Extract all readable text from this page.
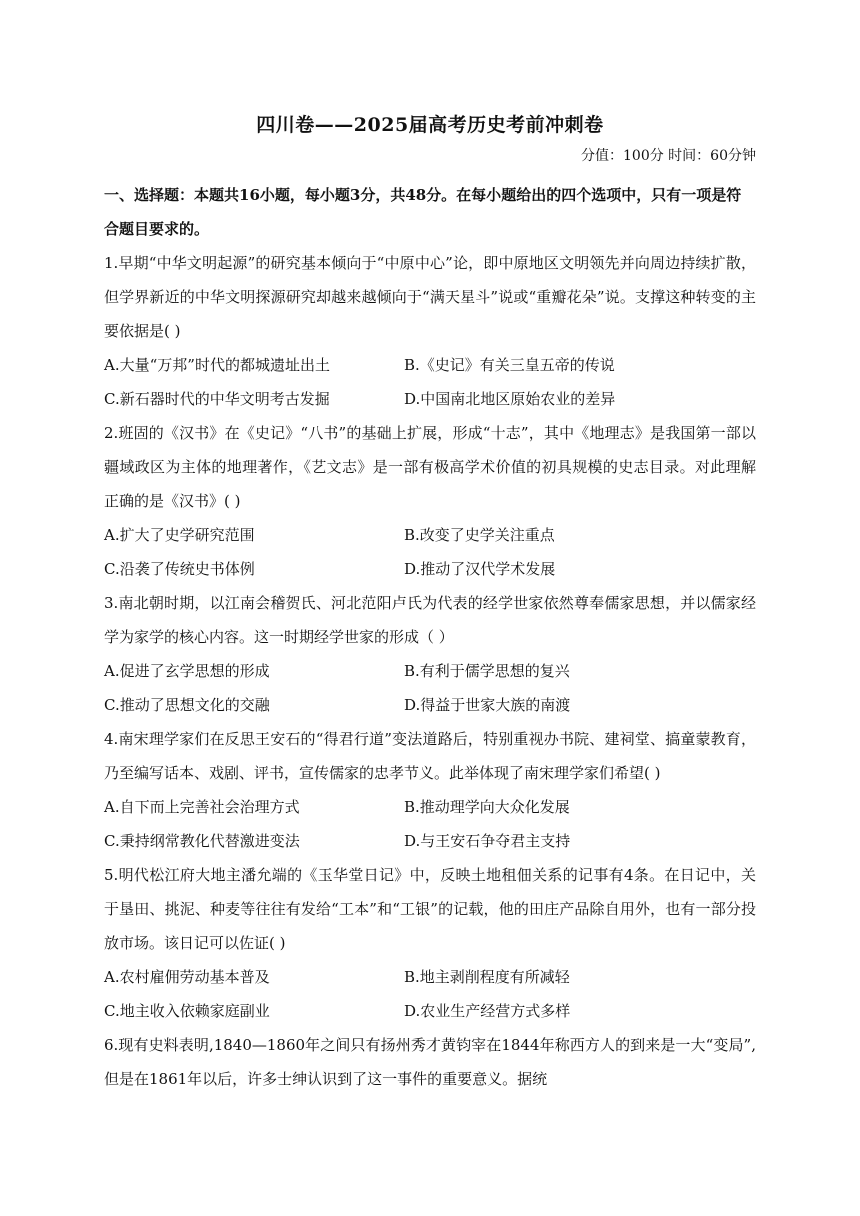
四川卷——2025届高考历史考前冲刺卷
分值：100分 时间：60分钟

一、选择题：本题共16小题，每小题3分，共48分。在每小题给出的四个选项中，只有一项是符合题目要求的。

1.早期“中华文明起源”的研究基本倾向于“中原中心”论，即中原地区文明领先并向周边持续扩散，但学界新近的中华文明探源研究却越来越倾向于“满天星斗”说或“重瓣花朵”说。支撑这种转变的主要依据是( )
A.大量“万邦”时代的都城遗址出土	B.《史记》有关三皇五帝的传说
C.新石器时代的中华文明考古发掘	D.中国南北地区原始农业的差异
2.班固的《汉书》在《史记》“八书”的基础上扩展，形成“十志”，其中《地理志》是我国第一部以疆域政区为主体的地理著作，《艺文志》是一部有极高学术价值的初具规模的史志目录。对此理解正确的是《汉书》( )
A.扩大了史学研究范围	B.改变了史学关注重点
C.沿袭了传统史书体例	D.推动了汉代学术发展
3.南北朝时期，以江南会稽贺氏、河北范阳卢氏为代表的经学世家依然尊奉儒家思想，并以儒家经学为家学的核心内容。这一时期经学世家的形成（ ）
A.促进了玄学思想的形成	B.有利于儒学思想的复兴
C.推动了思想文化的交融	D.得益于世家大族的南渡
4.南宋理学家们在反思王安石的“得君行道”变法道路后，特别重视办书院、建祠堂、搞童蒙教育，乃至编写话本、戏剧、评书，宣传儒家的忠孝节义。此举体现了南宋理学家们希望( )
A.自下而上完善社会治理方式	B.推动理学向大众化发展
C.秉持纲常教化代替激进变法	D.与王安石争夺君主支持
5.明代松江府大地主潘允端的《玉华堂日记》中，反映土地租佃关系的记事有4条。在日记中，关于垦田、挑泥、种麦等往往有发给“工本”和“工银”的记载，他的田庄产品除自用外，也有一部分投放市场。该日记可以佐证( )
A.农村雇佣劳动基本普及	B.地主剥削程度有所减轻
C.地主收入依赖家庭副业	D.农业生产经营方式多样
6.现有史料表明,1840—1860年之间只有扬州秀才黄钧宰在1844年称西方人的到来是一大“变局”,但是在1861年以后，许多士绅认识到了这一事件的重要意义。据统
